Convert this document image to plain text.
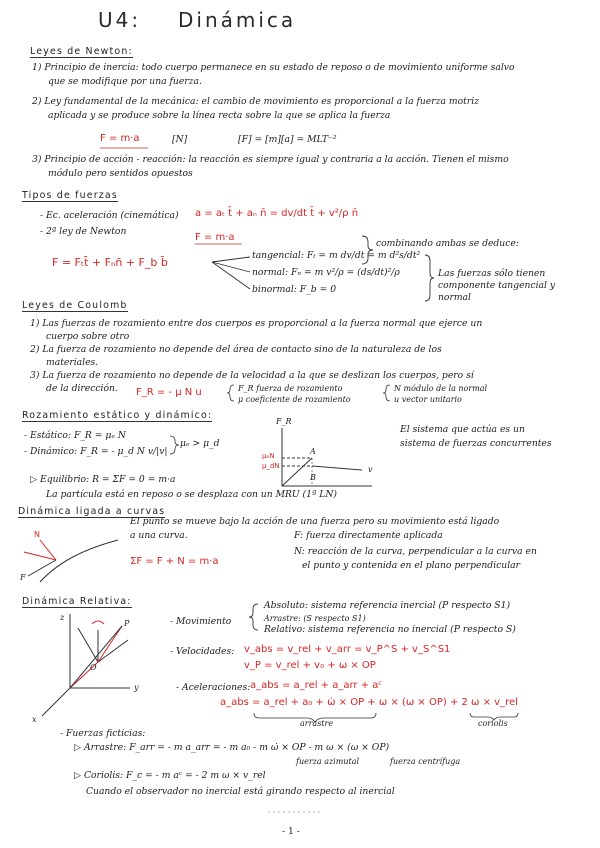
U4: Dinámica
Leyes de Newton:
1) Principio de inercia: todo cuerpo permanece en su estado de reposo o de movimiento uniforme salvo
que se modifique por una fuerza.
2) Ley fundamental de la mecánica: el cambio de movimiento es proporcional a la fuerza motriz
aplicada y se produce sobre la línea recta sobre la que se aplica la fuerza
F = m·a	[N]	[F] = [m][a] = MLT⁻²
3) Principio de acción - reacción: la reacción es siempre igual y contraria a la acción. Tienen el mismo
módulo pero sentidos opuestos
Tipos de fuerzas
- Ec. aceleración (cinemática) a = aₜ t̄ + aₙ n̄ = dv/dt t̄ + v²/ρ n̄
- 2ª ley de Newton
F = m·a
combinando ambas se deduce:
F = Fₜt̄ + Fₙn̄ + F_b b̄
tangencial: Fₜ = m dv/dt = m d²s/dt²
normal: Fₙ = m v²/ρ = (ds/dt)²/ρ
binormal: F_b = 0
Las fuerzas sólo tienen componente tangencial y normal
Leyes de Coulomb
1) Las fuerzas de rozamiento entre dos cuerpos es proporcional a la fuerza normal que ejerce un
cuerpo sobre otro
2) La fuerza de rozamiento no depende del área de contacto sino de la naturaleza de los
materiales.
3) La fuerza de rozamiento no depende de la velocidad a la que se deslizan los cuerpos, pero sí
de la dirección. F_R = - μ N u	F_R fuerza de rozamiento
μ coeficiente de rozamiento
N módulo de la normal
u vector unitario
Rozamiento estático y dinámico:
- Estático: F_R = μₑ N
- Dinámico: F_R = - μ_d N v/|v|
μₑ > μ_d
F_R
A
B
μₑN
μ_dN	v
El sistema que actúa es un
sistema de fuerzas concurrentes
▷ Equilibrio: R = ΣF = 0 = m·a
La partícula está en reposo o se desplaza con un MRU (1ª LN)
Dinámica ligada a curvas
El punto se mueve bajo la acción de una fuerza pero su movimiento está ligado
a una curva.	F: fuerza directamente aplicada
N: reacción de la curva, perpendicular a la curva en
el punto y contenida en el plano perpendicular
ΣF = F + N = m·a
N
F
Dinámica Relativa:
z
y
x
P
O
- Movimiento
Absoluto: sistema referencia inercial (P respecto S1)
Arrastre: (S respecto S1)
Relativo: sistema referencia no inercial (P respecto S)
- Velocidades: v_abs = v_rel + v_arr = v_P^S + v_S^S1
v_P = v_rel + v₀ + ω × OP
- Aceleraciones: a_abs = a_rel + a_arr + aᶜ
a_abs = a_rel + a₀ + ω̇ × OP + ω × (ω × OP) + 2 ω × v_rel
arrastre	coriolis
- Fuerzas ficticias:
▷ Arrastre: F_arr = - m a_arr = - m a₀ - m ω̇ × OP - m ω × (ω × OP)
fuerza azimutal	fuerza centrífuga
▷ Coriolis: F_c = - m aᶜ = - 2 m ω × v_rel
Cuando el observador no inercial está girando respecto al inercial
- 1 -
